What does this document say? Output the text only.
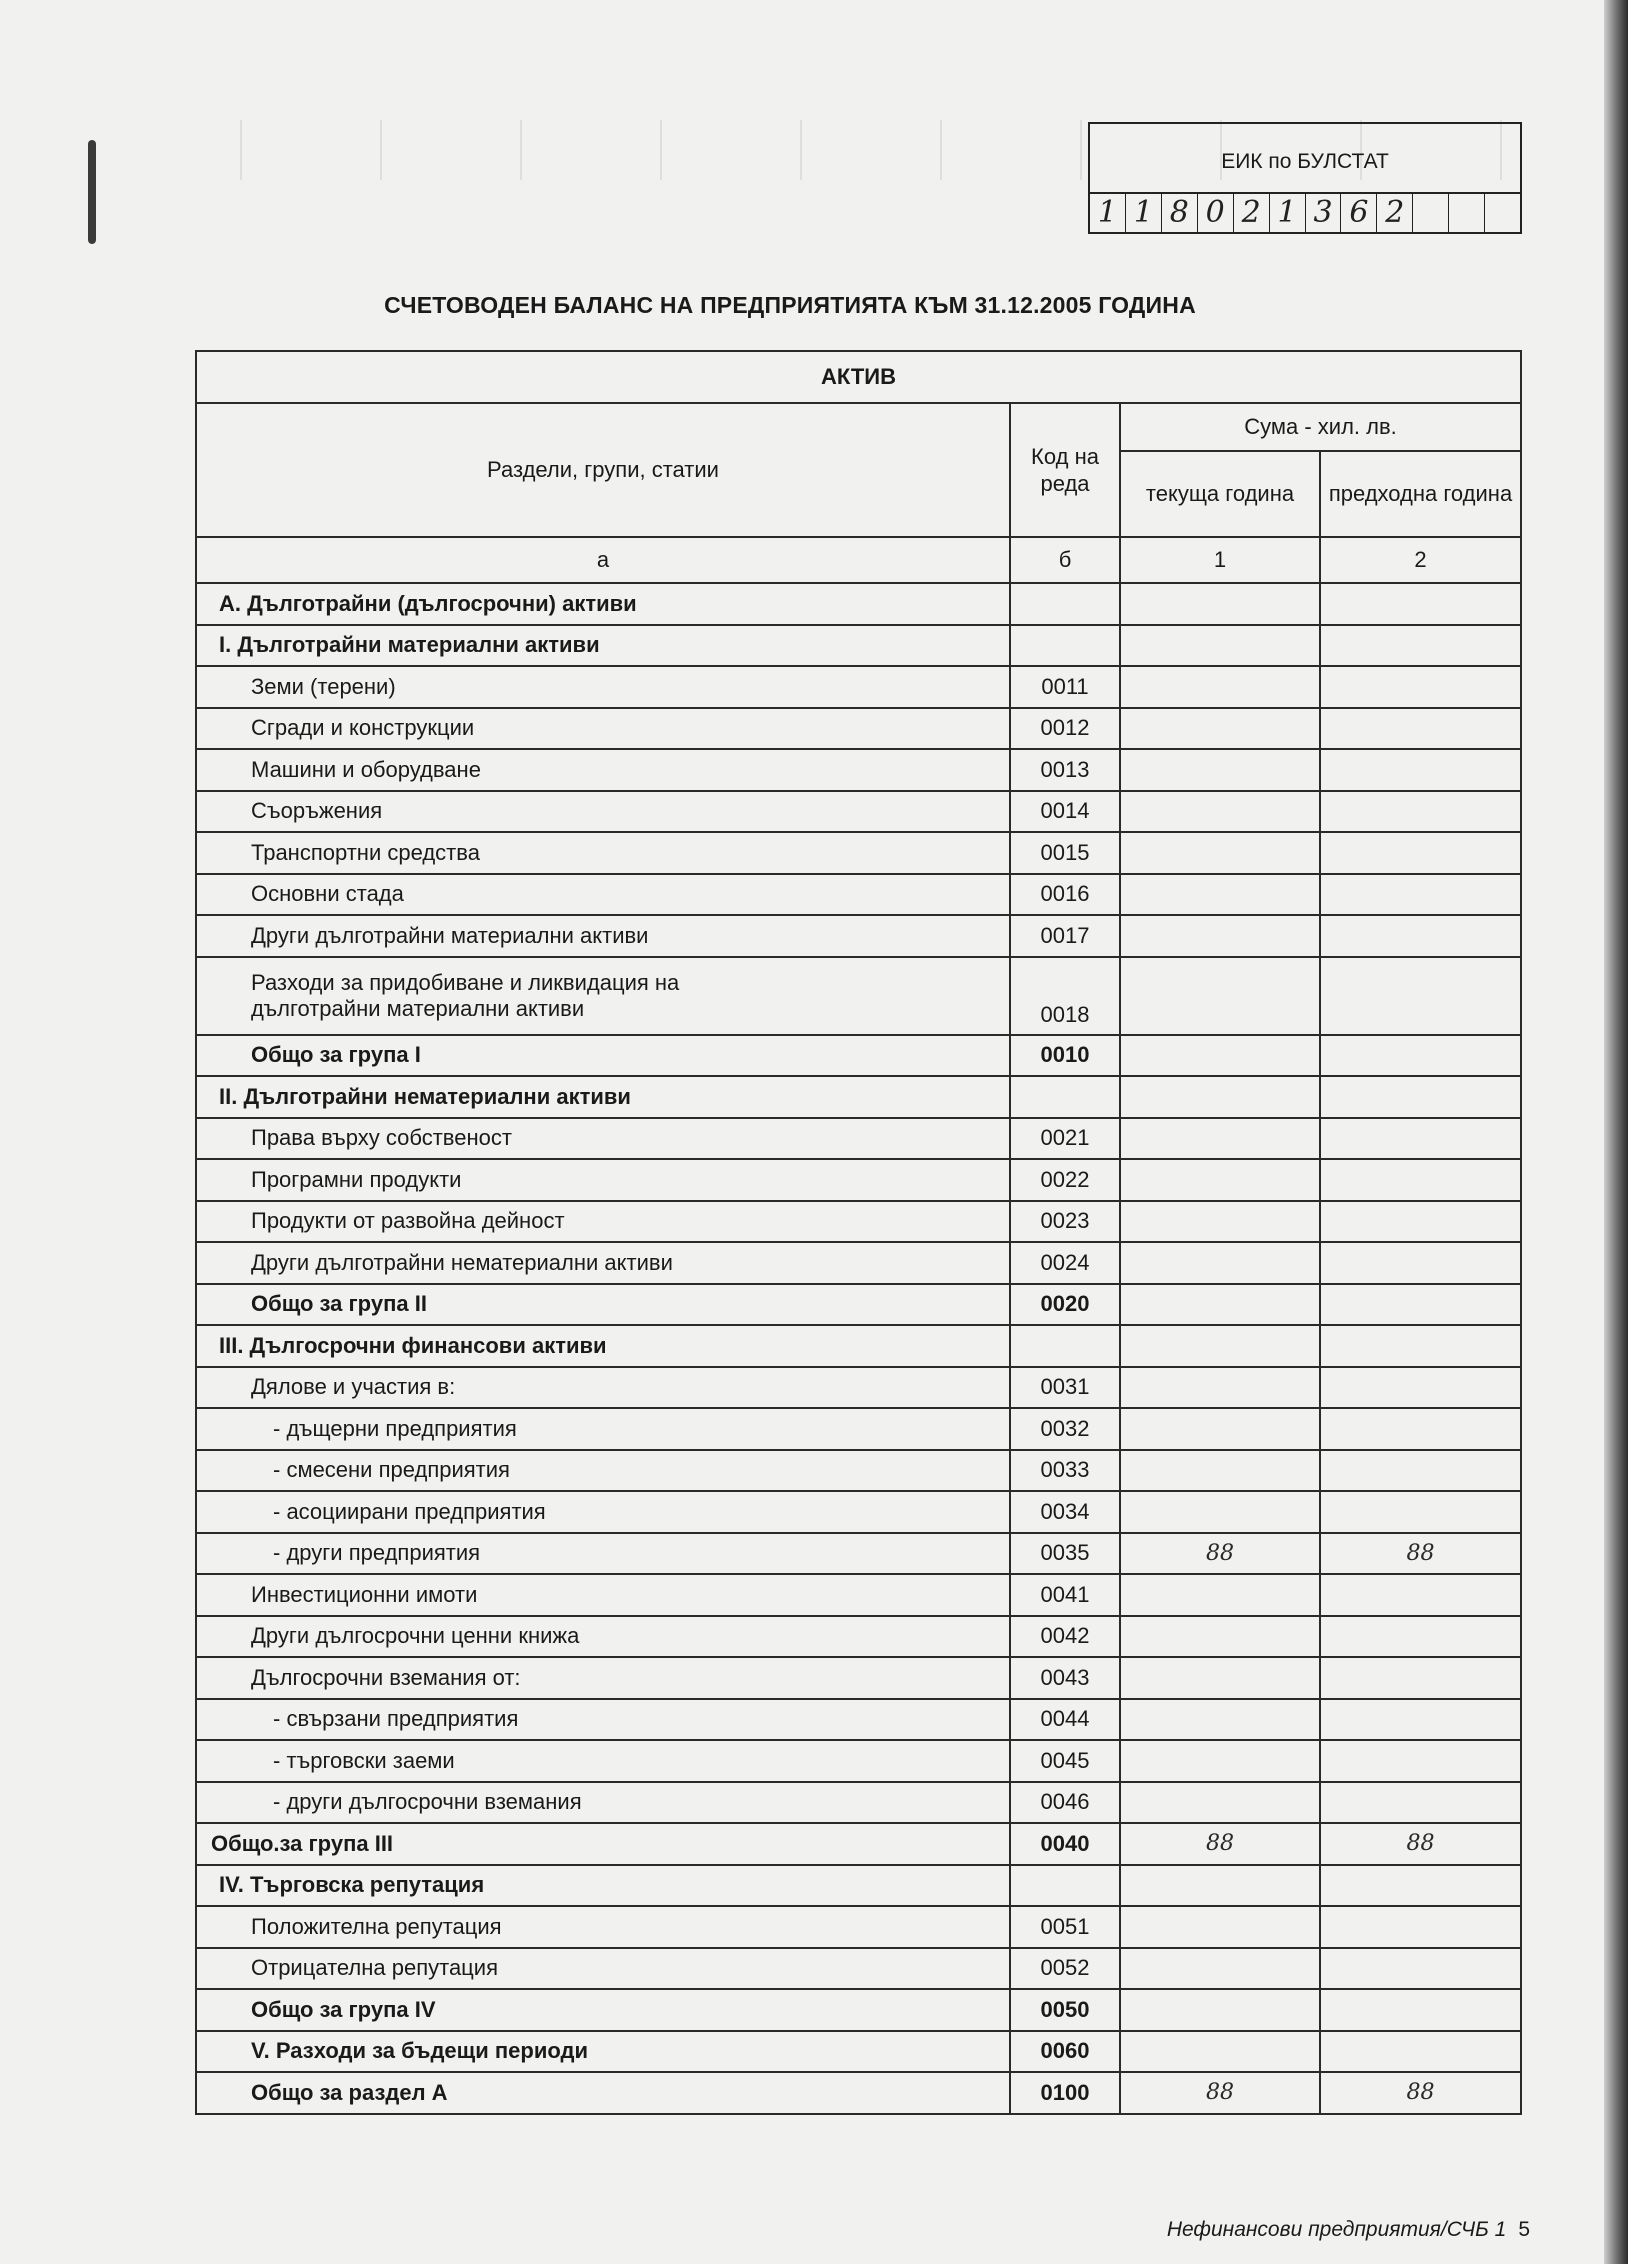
ЕИК по БУЛСТАТ
1 1 8 0 2 1 3 6 2
СЧЕТОВОДЕН БАЛАНС НА ПРЕДПРИЯТИЯТА КЪМ 31.12.2005 ГОДИНА
АКТИВ			
Раздели, групи, статии	Код на реда	Сума - хил. лв.	
		текуща година	предходна година
а	б	1	2
А. Дълготрайни (дългосрочни) активи			
I. Дълготрайни материални активи			
Земи (терени)	0011		
Сгради и конструкции	0012		
Машини и оборудване	0013		
Съоръжения	0014		
Транспортни средства	0015		
Основни стада	0016		
Други дълготрайни материални активи	0017		

Разходи за придобиване и ликвидация на
дълготрайни материални активи	0018		
Общо за група I	0010		
II. Дълготрайни нематериални активи			
Права върху собственост	0021		
Програмни продукти	0022		
Продукти от развойна дейност	0023		
Други дълготрайни нематериални активи	0024		
Общо за група II	0020		
III. Дългосрочни финансови активи			
Дялове и участия в:	0031		
- дъщерни предприятия	0032		
- смесени предприятия	0033		
- асоциирани предприятия	0034		
- други предприятия	0035	88	88
Инвестиционни имоти	0041		
Други дългосрочни ценни книжа	0042		
Дългосрочни вземания от:	0043		
- свързани предприятия	0044		
- търговски заеми	0045		
- други дългосрочни вземания	0046		
Общо.за група III	0040	88	88
IV. Търговска репутация			
Положителна репутация	0051		
Отрицателна репутация	0052		
Общо за група IV	0050		
V. Разходи за бъдещи периоди	0060		
Общо за раздел А	0100	88	88
Нефинансови предприятия/СЧБ 1 5
